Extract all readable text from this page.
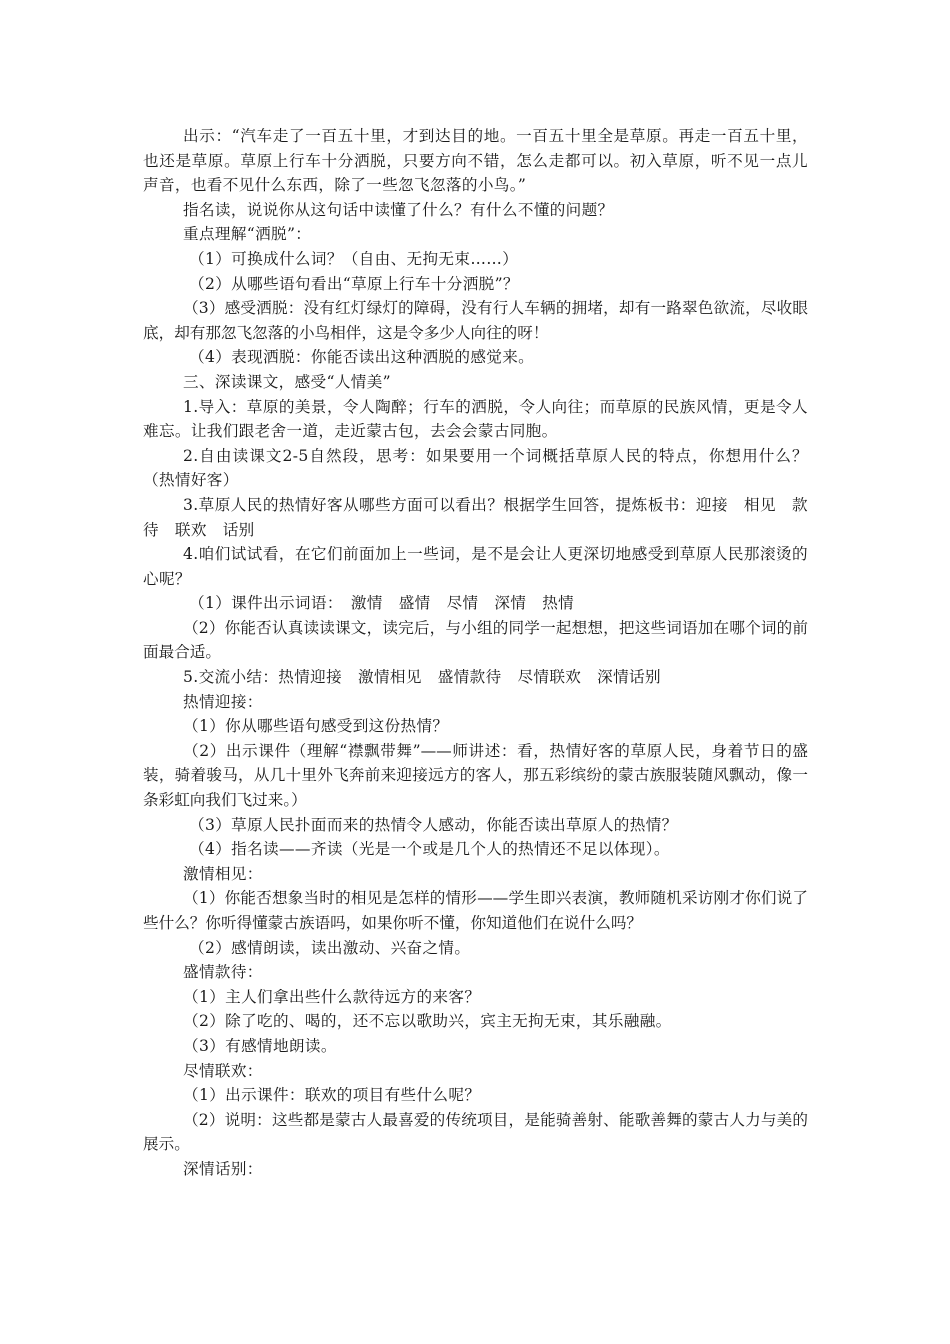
出示：“汽车走了一百五十里，才到达目的地。一百五十里全是草原。再走一百五十里，也还是草原。草原上行车十分洒脱，只要方向不错，怎么走都可以。初入草原，听不见一点儿声音，也看不见什么东西，除了一些忽飞忽落的小鸟。”

指名读，说说你从这句话中读懂了什么？有什么不懂的问题？

重点理解“洒脱”：

（1）可换成什么词？（自由、无拘无束……）

（2）从哪些语句看出“草原上行车十分洒脱”？

（3）感受洒脱：没有红灯绿灯的障碍，没有行人车辆的拥堵，却有一路翠色欲流，尽收眼底，却有那忽飞忽落的小鸟相伴，这是令多少人向往的呀！

（4）表现洒脱：你能否读出这种洒脱的感觉来。

三、深读课文，感受“人情美”

1.导入：草原的美景，令人陶醉；行车的洒脱，令人向往；而草原的民族风情，更是令人难忘。让我们跟老舍一道，走近蒙古包，去会会蒙古同胞。

2.自由读课文2-5自然段，思考：如果要用一个词概括草原人民的特点，你想用什么？（热情好客）

3.草原人民的热情好客从哪些方面可以看出？根据学生回答，提炼板书：迎接　相见　款待　联欢　话别

4.咱们试试看，在它们前面加上一些词，是不是会让人更深切地感受到草原人民那滚烫的心呢？

（1）课件出示词语：　激情　盛情　尽情　深情　热情

（2）你能否认真读读课文，读完后，与小组的同学一起想想，把这些词语加在哪个词的前面最合适。

5.交流小结：热情迎接　激情相见　盛情款待　尽情联欢　深情话别

热情迎接：

（1）你从哪些语句感受到这份热情？

（2）出示课件（理解“襟飘带舞”——师讲述：看，热情好客的草原人民，身着节日的盛装，骑着骏马，从几十里外飞奔前来迎接远方的客人，那五彩缤纷的蒙古族服装随风飘动，像一条彩虹向我们飞过来。）

（3）草原人民扑面而来的热情令人感动，你能否读出草原人的热情？

（4）指名读——齐读（光是一个或是几个人的热情还不足以体现）。

激情相见：

（1）你能否想象当时的相见是怎样的情形——学生即兴表演，教师随机采访刚才你们说了些什么？你听得懂蒙古族语吗，如果你听不懂，你知道他们在说什么吗？

（2）感情朗读，读出激动、兴奋之情。

盛情款待：

（1）主人们拿出些什么款待远方的来客？

（2）除了吃的、喝的，还不忘以歌助兴，宾主无拘无束，其乐融融。

（3）有感情地朗读。

尽情联欢：

（1）出示课件：联欢的项目有些什么呢？

（2）说明：这些都是蒙古人最喜爱的传统项目，是能骑善射、能歌善舞的蒙古人力与美的展示。

深情话别：
